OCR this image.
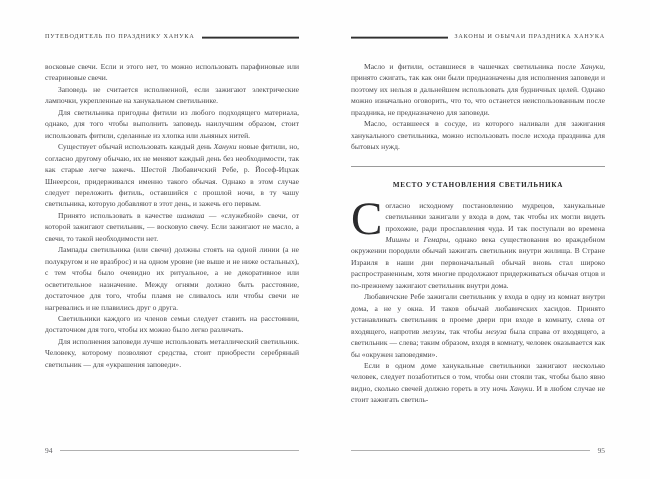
ПУТЕВОДИТЕЛЬ ПО ПРАЗДНИКУ ХАНУКА

восковые свечи. Если и этого нет, то можно использовать парафиновые или стеариновые свечи.

Заповедь не считается исполненной, если зажигают электрические лампочки, укрепленные на ханукальном светильнике.

Для светильника пригодны фитили из любого подходящего материала, однако, для того чтобы выполнить заповедь наилучшим образом, стоит использовать фитили, сделанные из хлопка или льняных нитей.

Существует обычай использовать каждый день Хануки новые фитили, но, согласно другому обычаю, их не меняют каждый день без необходимости, так как старые легче зажечь. Шестой Любавичский Ребе, р. Йосеф-Ицхак Шнеерсон, придерживался именно такого обычая. Однако в этом случае следует переложить фитиль, оставшийся с прошлой ночи, в ту чашу светильника, которую добавляют в этот день, и зажечь его первым.

Принято использовать в качестве шамаша — «служебной» свечи, от которой зажигают светильник, — восковую свечу. Если зажигают не масло, а свечи, то такой необходимости нет.

Лампады светильника (или свечи) должны стоять на одной линии (а не полукругом и не вразброс) и на одном уровне (не выше и не ниже остальных), с тем чтобы было очевидно их ритуальное, а не декоративное или осветительное назначение. Между огнями должно быть расстояние, достаточное для того, чтобы пламя не сливалось или чтобы свечи не нагревались и не плавились друг о друга.

Светильники каждого из членов семьи следует ставить на расстоянии, достаточном для того, чтобы их можно было легко различать.

Для исполнения заповеди лучше использовать металлический светильник. Человеку, которому позволяют средства, стоит приобрести серебряный светильник — для «украшения заповеди».

94
ЗАКОНЫ И ОБЫЧАИ ПРАЗДНИКА ХАНУКА

Масло и фитили, оставшиеся в чашечках светильника после Хануки, принято сжигать, так как они были предназначены для исполнения заповеди и поэтому их нельзя в дальнейшем использовать для будничных целей. Однако можно изначально оговорить, что то, что останется неиспользованным после праздника, не предназначено для заповеди.

Масло, оставшееся в сосуде, из которого наливали для зажигания ханукального светильника, можно использовать после исхода праздника для бытовых нужд.

МЕСТО УСТАНОВЛЕНИЯ СВЕТИЛЬНИКА

Согласно исходному постановлению мудрецов, ханукальные светильники зажигали у входа в дом, так чтобы их могли видеть прохожие, ради прославления чуда. И так поступали во времена Мишны и Гемары, однако века существования во враждебном окружении породили обычай зажигать светильник внутри жилища. В Стране Израиля в наши дни первоначальный обычай вновь стал широко распространенным, хотя многие продолжают придерживаться обычая отцов и по-прежнему зажигают светильник внутри дома.

Любавичские Ребе зажигали светильник у входа в одну из комнат внутри дома, а не у окна. И таков обычай любавичских хасидов. Принято устанавливать светильник в проеме двери при входе в комнату, слева от входящего, напротив мезузы, так чтобы мезуза была справа от входящего, а светильник — слева; таким образом, входя в комнату, человек оказывается как бы «окружен заповедями».

Если в одном доме ханукальные светильники зажигают несколько человек, следует позаботиться о том, чтобы они стояли так, чтобы было явно видно, сколько свечей должно гореть в эту ночь Хануки. И в любом случае не стоит зажигать светиль-

95
